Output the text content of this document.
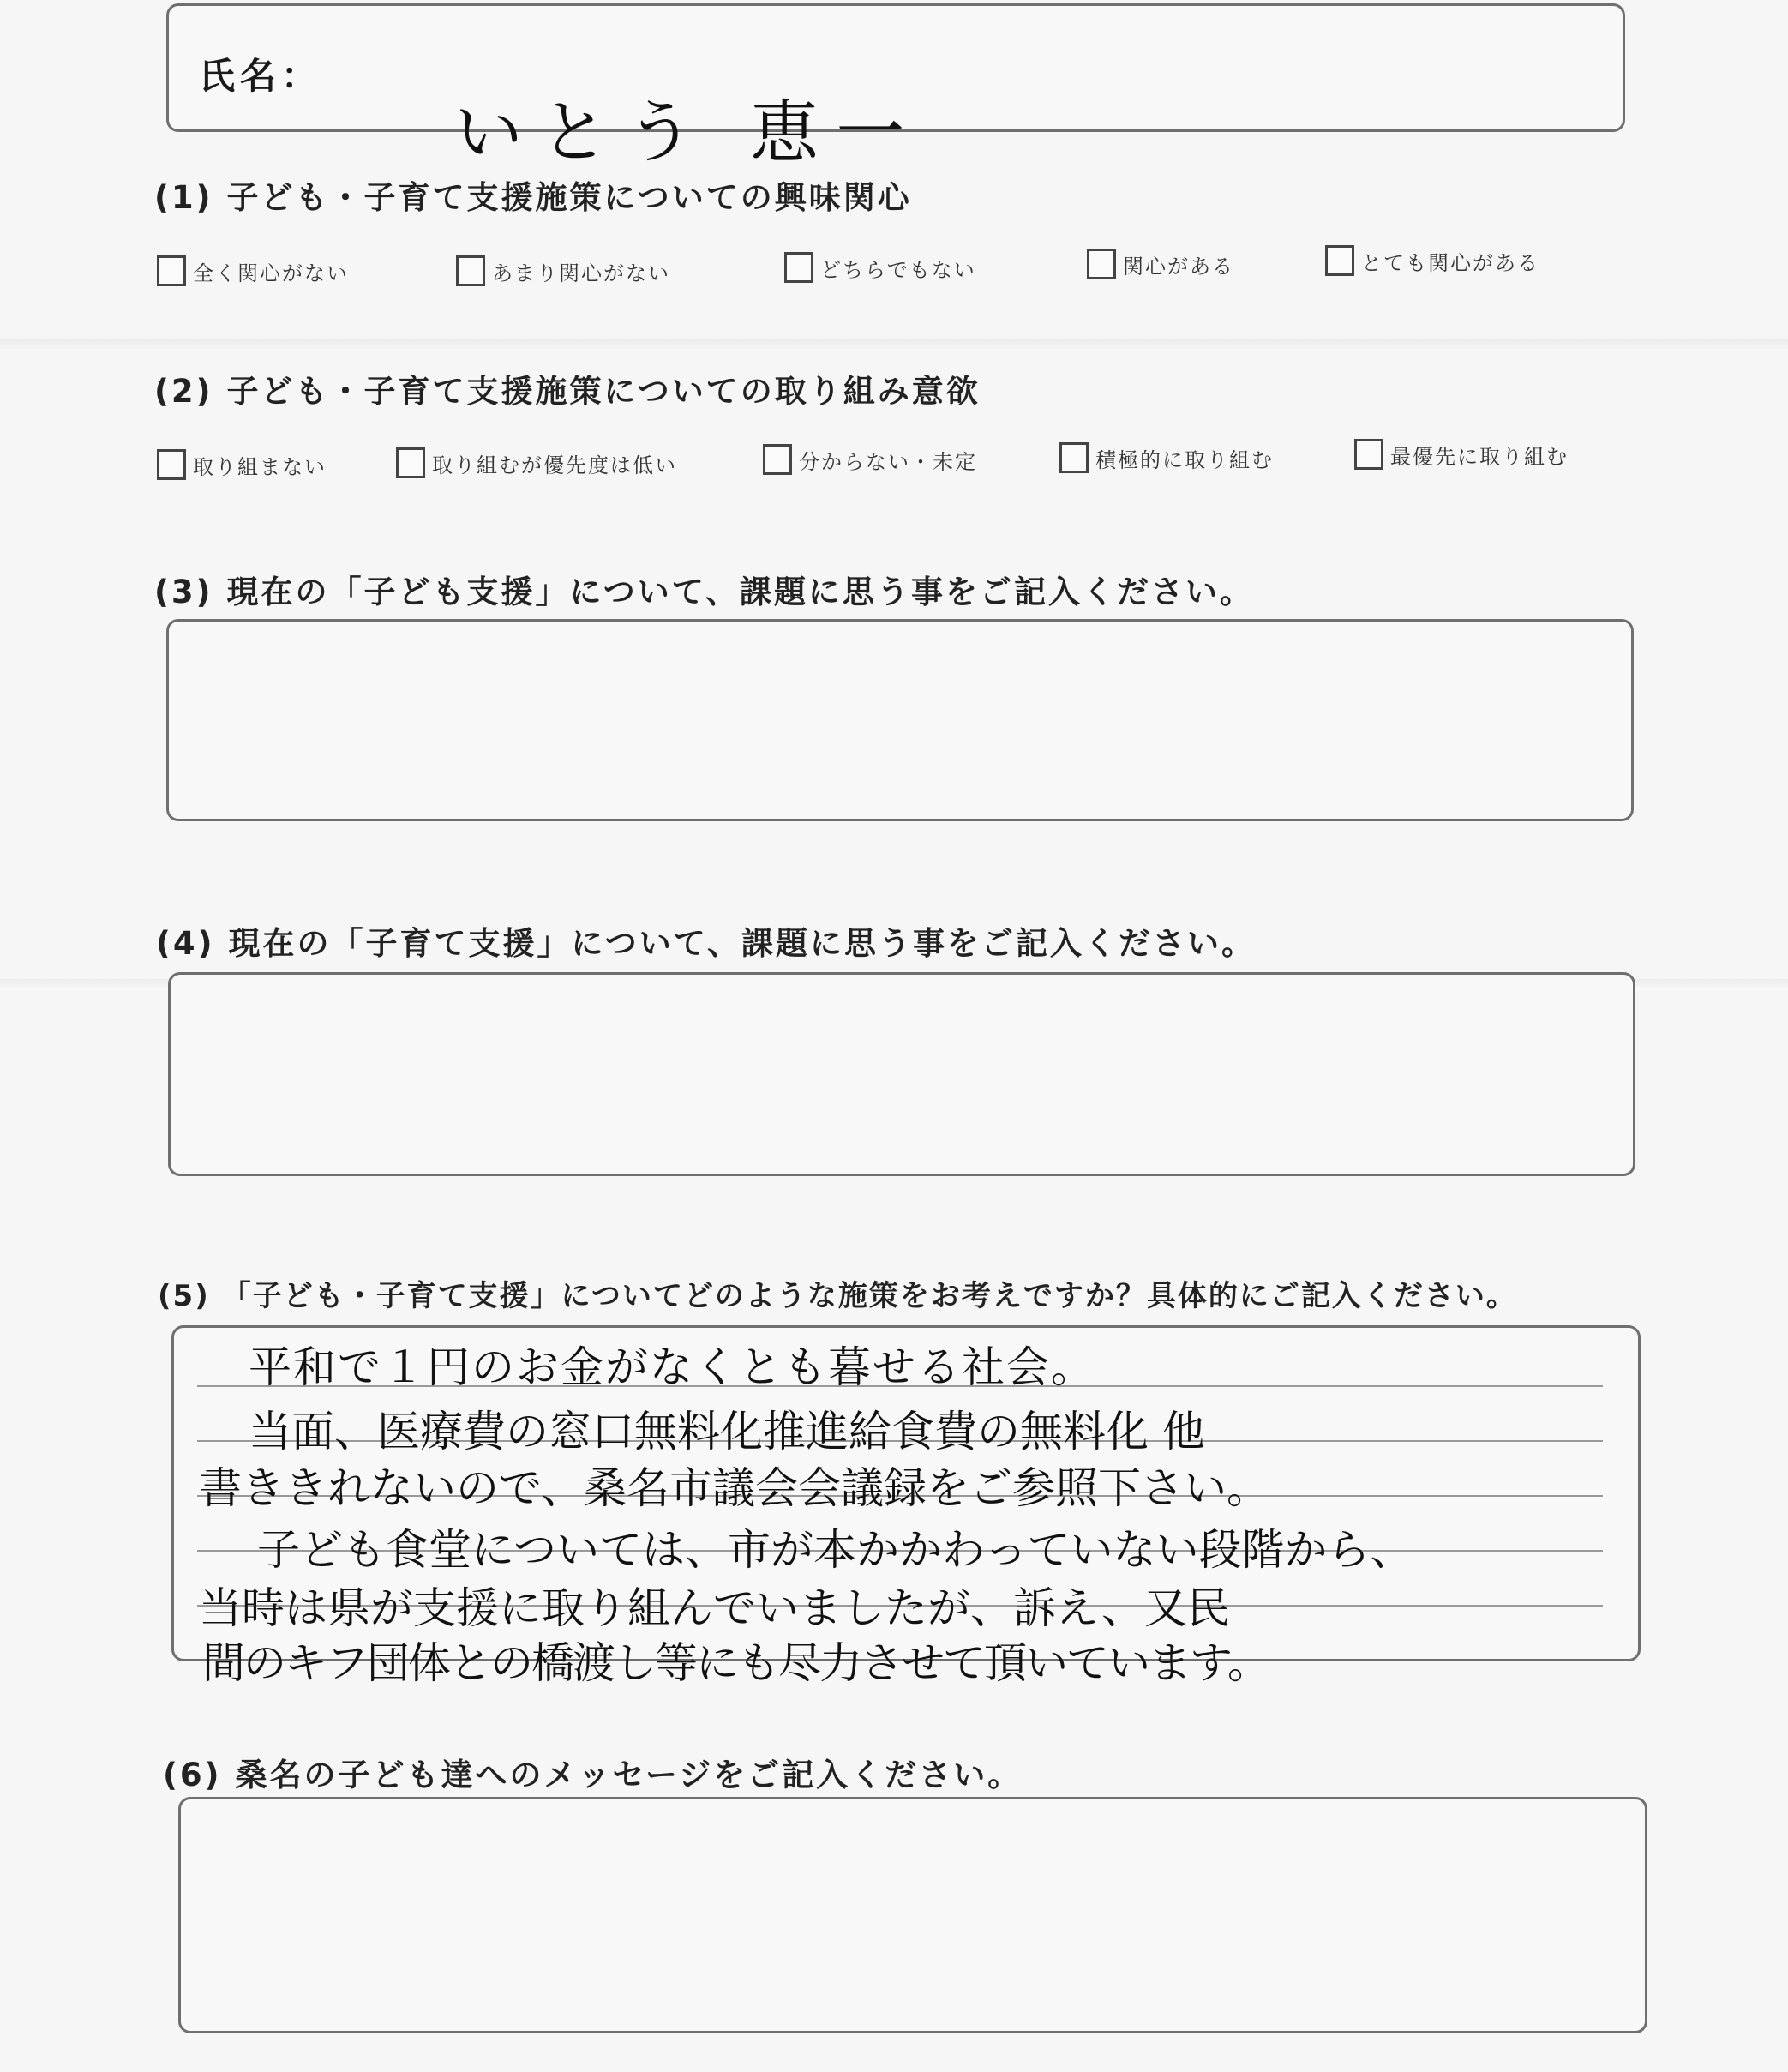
氏名：
いとう 恵一
(1) 子ども・子育て支援施策についての興味関心
全く関心がない	あまり関心がない	どちらでもない	関心がある	とても関心がある
(2) 子ども・子育て支援施策についての取り組み意欲
取り組まない	取り組むが優先度は低い	分からない・未定	積極的に取り組む	最優先に取り組む
(3) 現在の「子ども支援」について、課題に思う事をご記入ください。
(4) 現在の「子育て支援」について、課題に思う事をご記入ください。
(5) 「子ども・子育て支援」についてどのような施策をお考えですか？具体的にご記入ください。
平和で１円のお金がなくとも暮せる社会。
当面、医療費の窓口無料化推進給食費の無料化 他
書ききれないので、桑名市議会会議録をご参照下さい。
子ども食堂については、市が本かかわっていない段階から、
当時は県が支援に取り組んでいましたが、訴え、又民
間のキフ団体との橋渡し等にも尽力させて頂いています。
(6) 桑名の子ども達へのメッセージをご記入ください。
